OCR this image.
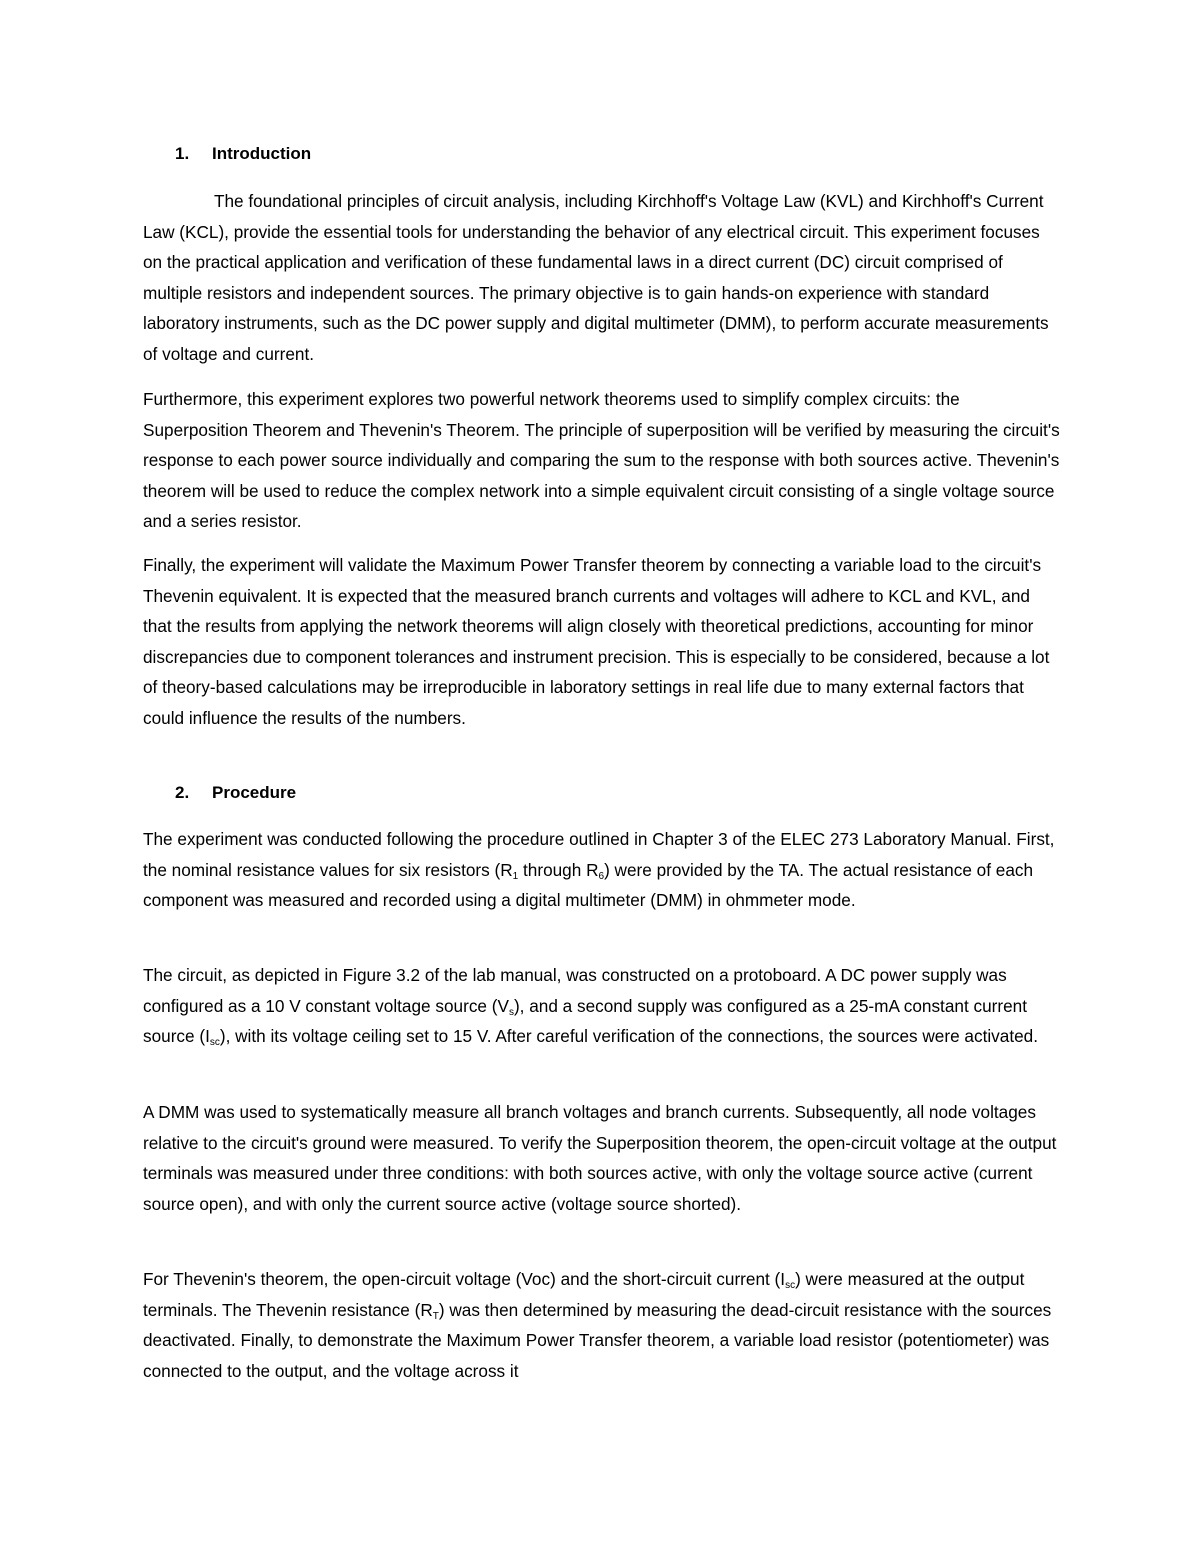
1. Introduction

The foundational principles of circuit analysis, including Kirchhoff's Voltage Law (KVL) and Kirchhoff's Current Law (KCL), provide the essential tools for understanding the behavior of any electrical circuit. This experiment focuses on the practical application and verification of these fundamental laws in a direct current (DC) circuit comprised of multiple resistors and independent sources. The primary objective is to gain hands-on experience with standard laboratory instruments, such as the DC power supply and digital multimeter (DMM), to perform accurate measurements of voltage and current.

Furthermore, this experiment explores two powerful network theorems used to simplify complex circuits: the Superposition Theorem and Thevenin's Theorem. The principle of superposition will be verified by measuring the circuit's response to each power source individually and comparing the sum to the response with both sources active. Thevenin's theorem will be used to reduce the complex network into a simple equivalent circuit consisting of a single voltage source and a series resistor.

Finally, the experiment will validate the Maximum Power Transfer theorem by connecting a variable load to the circuit's Thevenin equivalent. It is expected that the measured branch currents and voltages will adhere to KCL and KVL, and that the results from applying the network theorems will align closely with theoretical predictions, accounting for minor discrepancies due to component tolerances and instrument precision. This is especially to be considered, because a lot of theory-based calculations may be irreproducible in laboratory settings in real life due to many external factors that could influence the results of the numbers.

2. Procedure

The experiment was conducted following the procedure outlined in Chapter 3 of the ELEC 273 Laboratory Manual. First, the nominal resistance values for six resistors ($R_1$ through $R_6$) were provided by the TA. The actual resistance of each component was measured and recorded using a digital multimeter (DMM) in ohmmeter mode.

The circuit, as depicted in Figure 3.2 of the lab manual, was constructed on a protoboard. A DC power supply was configured as a 10 V constant voltage source $(V_s)$, and a second supply was configured as a 25-mA constant current source $(I_{sc})$, with its voltage ceiling set to 15 V. After careful verification of the connections, the sources were activated.

A DMM was used to systematically measure all branch voltages and branch currents. Subsequently, all node voltages relative to the circuit's ground were measured. To verify the Superposition theorem, the open-circuit voltage at the output terminals was measured under three conditions: with both sources active, with only the voltage source active (current source open), and with only the current source active (voltage source shorted).

For Thevenin's theorem, the open-circuit voltage (Voc) and the short-circuit current $(I_{sc})$ were measured at the output terminals. The Thevenin resistance $(R_T)$ was then determined by measuring the dead-circuit resistance with the sources deactivated. Finally, to demonstrate the Maximum Power Transfer theorem, a variable load resistor (potentiometer) was connected to the output, and the voltage across it
